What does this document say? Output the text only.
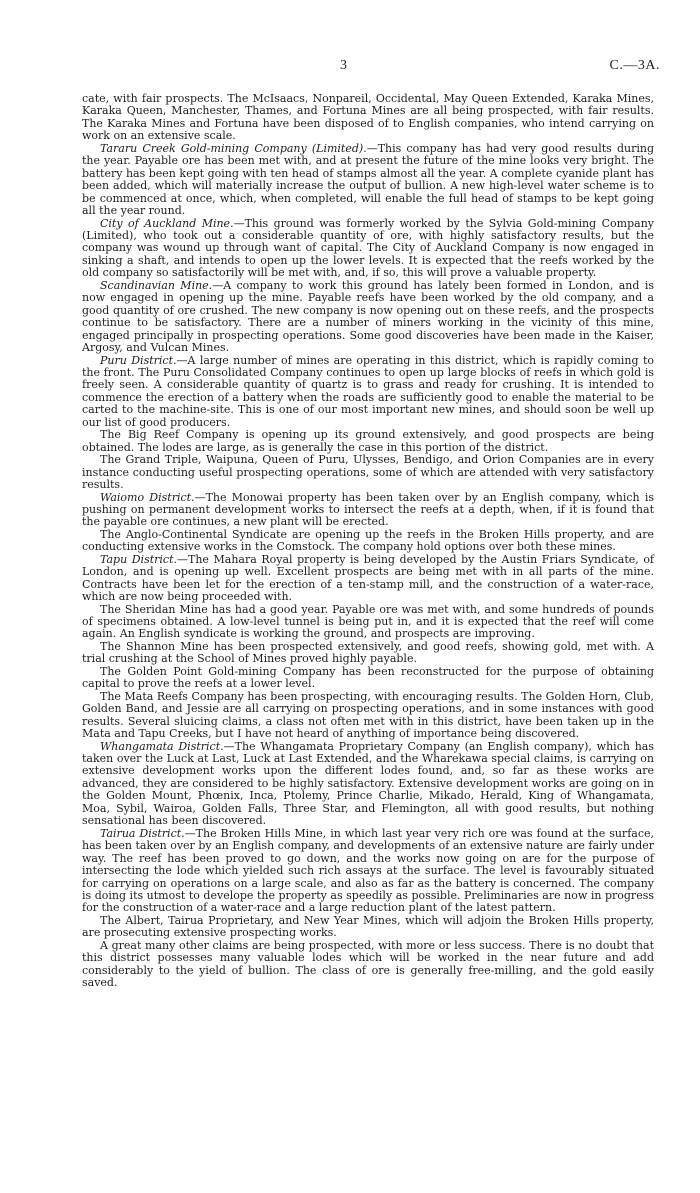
3	C.—3A.

cate, with fair prospects. The McIsaacs, Nonpareil, Occidental, May Queen Extended, Karaka Mines, Karaka Queen, Manchester, Thames, and Fortuna Mines are all being prospected, with fair results. The Karaka Mines and Fortuna have been disposed of to English companies, who intend carrying on work on an extensive scale.

Tararu Creek Gold-mining Company (Limited).—This company has had very good results during the year. Payable ore has been met with, and at present the future of the mine looks very bright. The battery has been kept going with ten head of stamps almost all the year. A complete cyanide plant has been added, which will materially increase the output of bullion. A new high-level water scheme is to be commenced at once, which, when completed, will enable the full head of stamps to be kept going all the year round.

City of Auckland Mine.—This ground was formerly worked by the Sylvia Gold-mining Company (Limited), who took out a considerable quantity of ore, with highly satisfactory results, but the company was wound up through want of capital. The City of Auckland Company is now engaged in sinking a shaft, and intends to open up the lower levels. It is expected that the reefs worked by the old company so satisfactorily will be met with, and, if so, this will prove a valuable property.

Scandinavian Mine.—A company to work this ground has lately been formed in London, and is now engaged in opening up the mine. Payable reefs have been worked by the old company, and a good quantity of ore crushed. The new company is now opening out on these reefs, and the prospects continue to be satisfactory. There are a number of miners working in the vicinity of this mine, engaged principally in prospecting operations. Some good discoveries have been made in the Kaiser, Argosy, and Vulcan Mines.

Puru District.—A large number of mines are operating in this district, which is rapidly coming to the front. The Puru Consolidated Company continues to open up large blocks of reefs in which gold is freely seen. A considerable quantity of quartz is to grass and ready for crushing. It is intended to commence the erection of a battery when the roads are sufficiently good to enable the material to be carted to the machine-site. This is one of our most important new mines, and should soon be well up our list of good producers.

The Big Reef Company is opening up its ground extensively, and good prospects are being obtained. The lodes are large, as is generally the case in this portion of the district.

The Grand Triple, Waipuna, Queen of Puru, Ulysses, Bendigo, and Orion Companies are in every instance conducting useful prospecting operations, some of which are attended with very satisfactory results.

Waiomo District.—The Monowai property has been taken over by an English company, which is pushing on permanent development works to intersect the reefs at a depth, when, if it is found that the payable ore continues, a new plant will be erected.

The Anglo-Continental Syndicate are opening up the reefs in the Broken Hills property, and are conducting extensive works in the Comstock. The company hold options over both these mines.

Tapu District.—The Mahara Royal property is being developed by the Austin Friars Syndicate, of London, and is opening up well. Excellent prospects are being met with in all parts of the mine. Contracts have been let for the erection of a ten-stamp mill, and the construction of a water-race, which are now being proceeded with.

The Sheridan Mine has had a good year. Payable ore was met with, and some hundreds of pounds of specimens obtained. A low-level tunnel is being put in, and it is expected that the reef will come again. An English syndicate is working the ground, and prospects are improving.

The Shannon Mine has been prospected extensively, and good reefs, showing gold, met with. A trial crushing at the School of Mines proved highly payable.

The Golden Point Gold-mining Company has been reconstructed for the purpose of obtaining capital to prove the reefs at a lower level.

The Mata Reefs Company has been prospecting, with encouraging results. The Golden Horn, Club, Golden Band, and Jessie are all carrying on prospecting operations, and in some instances with good results. Several sluicing claims, a class not often met with in this district, have been taken up in the Mata and Tapu Creeks, but I have not heard of anything of importance being discovered.

Whangamata District.—The Whangamata Proprietary Company (an English company), which has taken over the Luck at Last, Luck at Last Extended, and the Wharekawa special claims, is carrying on extensive development works upon the different lodes found, and, so far as these works are advanced, they are considered to be highly satisfactory. Extensive development works are going on in the Golden Mount, Phœnix, Inca, Ptolemy, Prince Charlie, Mikado, Herald, King of Whangamata, Moa, Sybil, Wairoa, Golden Falls, Three Star, and Flemington, all with good results, but nothing sensational has been discovered.

Tairua District.—The Broken Hills Mine, in which last year very rich ore was found at the surface, has been taken over by an English company, and developments of an extensive nature are fairly under way. The reef has been proved to go down, and the works now going on are for the purpose of intersecting the lode which yielded such rich assays at the surface. The level is favourably situated for carrying on operations on a large scale, and also as far as the battery is concerned. The company is doing its utmost to develope the property as speedily as possible. Preliminaries are now in progress for the construction of a water-race and a large reduction plant of the latest pattern.

The Albert, Tairua Proprietary, and New Year Mines, which will adjoin the Broken Hills property, are prosecuting extensive prospecting works.

A great many other claims are being prospected, with more or less success. There is no doubt that this district possesses many valuable lodes which will be worked in the near future and add considerably to the yield of bullion. The class of ore is generally free-milling, and the gold easily saved.
